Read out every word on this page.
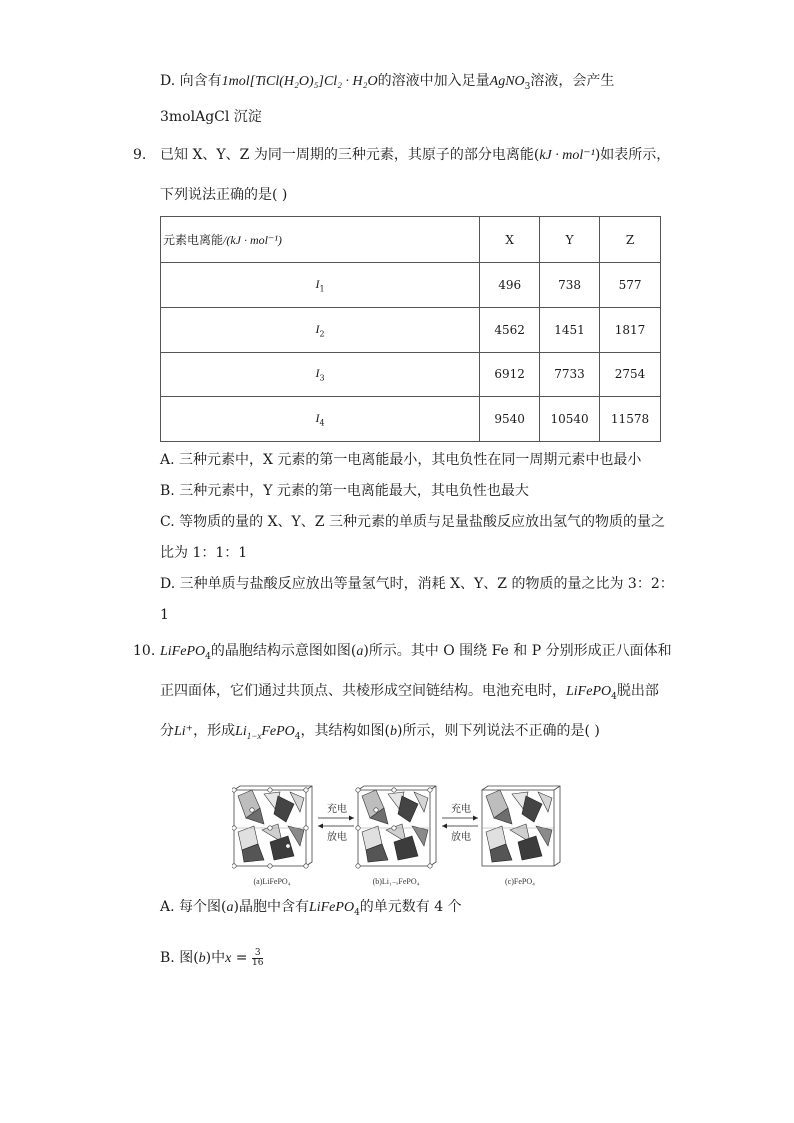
D. 向含有1mol[TiCl(H₂O)₅]Cl₂ · H₂O的溶液中加入足量AgNO$_3$溶液，会产生
3molAgCl 沉淀
9. 已知 X、Y、Z 为同一周期的三种元素，其原子的部分电离能(kJ · mol⁻¹)如表所示，
下列说法正确的是( )
元素电离能/(kJ · mol⁻¹)	X	Y	Z
$I_1$	496	738	577
$I_2$	4562	1451	1817
$I_3$	6912	7733	2754
$I_4$	9540	10540	11578
A. 三种元素中，X 元素的第一电离能最小，其电负性在同一周期元素中也最小
B. 三种元素中，Y 元素的第一电离能最大，其电负性也最大
C. 等物质的量的 X、Y、Z 三种元素的单质与足量盐酸反应放出氢气的物质的量之
比为 1：1：1
D. 三种单质与盐酸反应放出等量氢气时，消耗 X、Y、Z 的物质的量之比为 3：2：
1
10. LiFePO$_4$的晶胞结构示意图如图(a)所示。其中 O 围绕 Fe 和 P 分别形成正八面体和
正四面体，它们通过共顶点、共棱形成空间链结构。电池充电时，LiFePO$_4$脱出部
分Li⁺，形成$Li_{1-x}FePO_4$，其结构如图(b)所示，则下列说法不正确的是( )
充电
放电
充电
放电
(a)LiFePO₄	(b)Li₁₋ₓFePO₄	(c)FePO₄
A. 每个图(a)晶胞中含有LiFePO$_4$的单元数有 4 个
B. 图(b)中$x = \frac{3}{16}$
